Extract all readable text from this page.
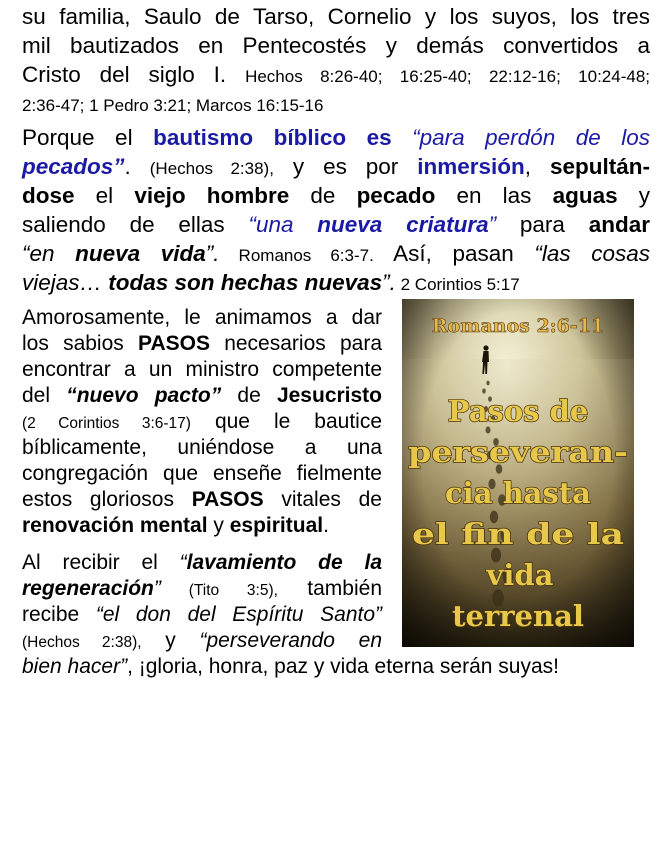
su familia, Saulo de Tarso, Cornelio y los suyos, los tres
mil bautizados en Pentecostés y demás convertidos a
Cristo del siglo I. Hechos 8:26-40; 16:25-40; 22:12-16; 10:24-48;
2:36-47; 1 Pedro 3:21; Marcos 16:15-16
Porque el bautismo bíblico es “para perdón de los
pecados”. (Hechos 2:38), y es por inmersión, sepultán-
dose el viejo hombre de pecado en las aguas y
saliendo de ellas “una nueva criatura” para andar
“en nueva vida”. Romanos 6:3-7. Así, pasan “las cosas
viejas… todas son hechas nuevas”. 2 Corintios 5:17
Amorosamente, le animamos a dar
los sabios PASOS necesarios para
encontrar a un ministro competente
del “nuevo pacto” de Jesucristo
(2 Corintios 3:6-17) que le bautice
bíblicamente, uniéndose a una
congregación que enseñe fielmente
estos gloriosos PASOS vitales de
renovación mental y espiritual.
Al recibir el “lavamiento de la
regeneración” (Tito 3:5), también
recibe “el don del Espíritu Santo”
(Hechos 2:38), y “perseverando en
bien hacer”, ¡gloria, honra, paz y vida eterna serán suyas!
Romanos 2:6-11
Pasos de
perseveran-
cia hasta
el fin de la
vida
terrenal
